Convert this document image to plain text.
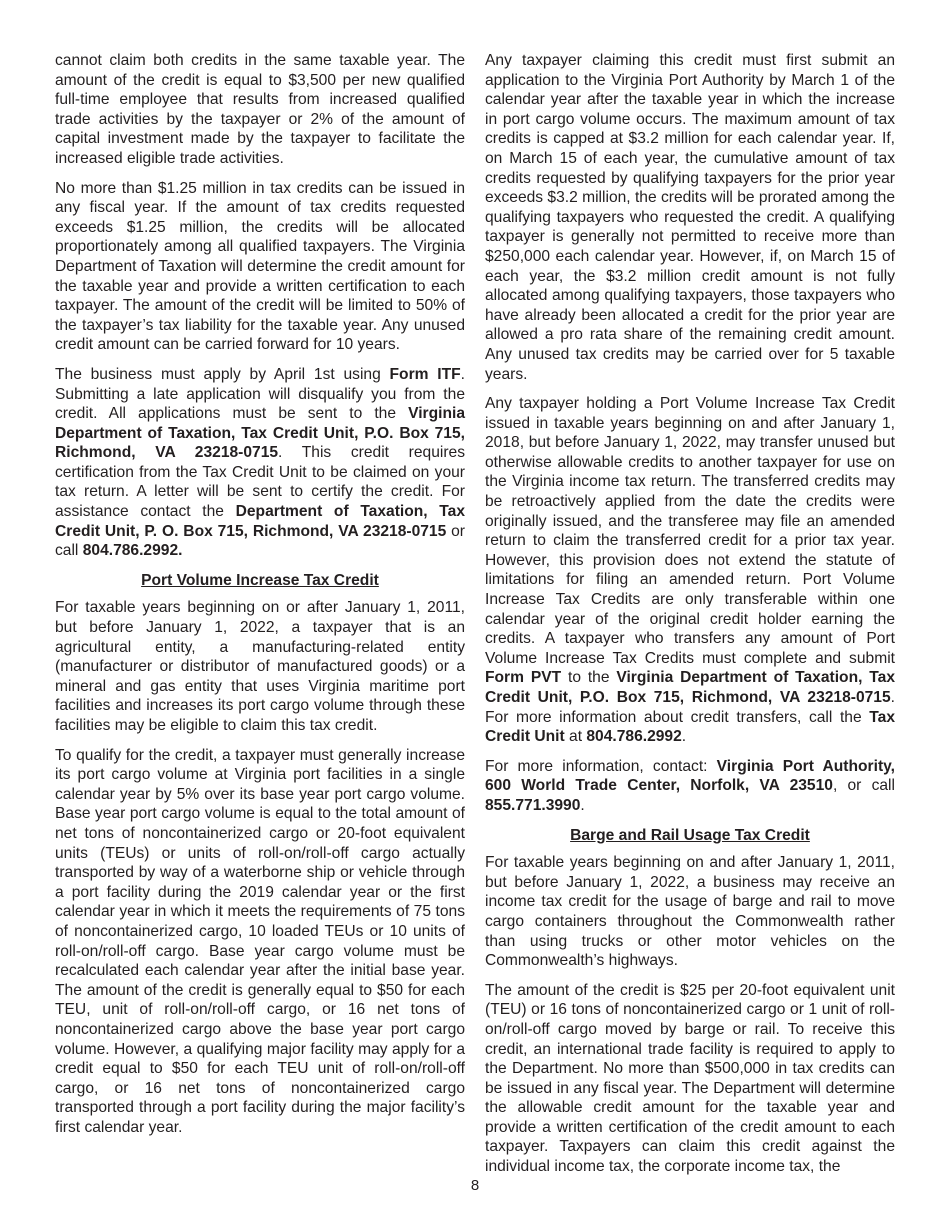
cannot claim both credits in the same taxable year. The amount of the credit is equal to $3,500 per new qualified full-time employee that results from increased qualified trade activities by the taxpayer or 2% of the amount of capital investment made by the taxpayer to facilitate the increased eligible trade activities.

No more than $1.25 million in tax credits can be issued in any fiscal year. If the amount of tax credits requested exceeds $1.25 million, the credits will be allocated proportionately among all qualified taxpayers. The Virginia Department of Taxation will determine the credit amount for the taxable year and provide a written certification to each taxpayer. The amount of the credit will be limited to 50% of the taxpayer’s tax liability for the taxable year. Any unused credit amount can be carried forward for 10 years.

The business must apply by April 1st using Form ITF. Submitting a late application will disqualify you from the credit. All applications must be sent to the Virginia Department of Taxation, Tax Credit Unit, P.O. Box 715, Richmond, VA 23218-0715. This credit requires certification from the Tax Credit Unit to be claimed on your tax return. A letter will be sent to certify the credit. For assistance contact the Department of Taxation, Tax Credit Unit, P. O. Box 715, Richmond, VA 23218-0715 or call 804.786.2992.

Port Volume Increase Tax Credit

For taxable years beginning on or after January 1, 2011, but before January 1, 2022, a taxpayer that is an agricultural entity, a manufacturing-related entity (manufacturer or distributor of manufactured goods) or a mineral and gas entity that uses Virginia maritime port facilities and increases its port cargo volume through these facilities may be eligible to claim this tax credit.

To qualify for the credit, a taxpayer must generally increase its port cargo volume at Virginia port facilities in a single calendar year by 5% over its base year port cargo volume. Base year port cargo volume is equal to the total amount of net tons of noncontainerized cargo or 20-foot equivalent units (TEUs) or units of roll-on/roll-off cargo actually transported by way of a waterborne ship or vehicle through a port facility during the 2019 calendar year or the first calendar year in which it meets the requirements of 75 tons of noncontainerized cargo, 10 loaded TEUs or 10 units of roll-on/roll-off cargo. Base year cargo volume must be recalculated each calendar year after the initial base year. The amount of the credit is generally equal to $50 for each TEU, unit of roll-on/roll-off cargo, or 16 net tons of noncontainerized cargo above the base year port cargo volume. However, a qualifying major facility may apply for a credit equal to $50 for each TEU unit of roll-on/roll-off cargo, or 16 net tons of noncontainerized cargo transported through a port facility during the major facility’s first calendar year.

Any taxpayer claiming this credit must first submit an application to the Virginia Port Authority by March 1 of the calendar year after the taxable year in which the increase in port cargo volume occurs. The maximum amount of tax credits is capped at $3.2 million for each calendar year. If, on March 15 of each year, the cumulative amount of tax credits requested by qualifying taxpayers for the prior year exceeds $3.2 million, the credits will be prorated among the qualifying taxpayers who requested the credit. A qualifying taxpayer is generally not permitted to receive more than $250,000 each calendar year. However, if, on March 15 of each year, the $3.2 million credit amount is not fully allocated among qualifying taxpayers, those taxpayers who have already been allocated a credit for the prior year are allowed a pro rata share of the remaining credit amount. Any unused tax credits may be carried over for 5 taxable years.

Any taxpayer holding a Port Volume Increase Tax Credit issued in taxable years beginning on and after January 1, 2018, but before January 1, 2022, may transfer unused but otherwise allowable credits to another taxpayer for use on the Virginia income tax return. The transferred credits may be retroactively applied from the date the credits were originally issued, and the transferee may file an amended return to claim the transferred credit for a prior tax year. However, this provision does not extend the statute of limitations for filing an amended return. Port Volume Increase Tax Credits are only transferable within one calendar year of the original credit holder earning the credits. A taxpayer who transfers any amount of Port Volume Increase Tax Credits must complete and submit Form PVT to the Virginia Department of Taxation, Tax Credit Unit, P.O. Box 715, Richmond, VA 23218-0715. For more information about credit transfers, call the Tax Credit Unit at 804.786.2992.

For more information, contact: Virginia Port Authority, 600 World Trade Center, Norfolk, VA 23510, or call 855.771.3990.

Barge and Rail Usage Tax Credit

For taxable years beginning on and after January 1, 2011, but before January 1, 2022, a business may receive an income tax credit for the usage of barge and rail to move cargo containers throughout the Commonwealth rather than using trucks or other motor vehicles on the Commonwealth’s highways.

The amount of the credit is $25 per 20-foot equivalent unit (TEU) or 16 tons of noncontainerized cargo or 1 unit of roll-on/roll-off cargo moved by barge or rail. To receive this credit, an international trade facility is required to apply to the Department. No more than $500,000 in tax credits can be issued in any fiscal year. The Department will determine the allowable credit amount for the taxable year and provide a written certification of the credit amount to each taxpayer. Taxpayers can claim this credit against the individual income tax, the corporate income tax, the

8
